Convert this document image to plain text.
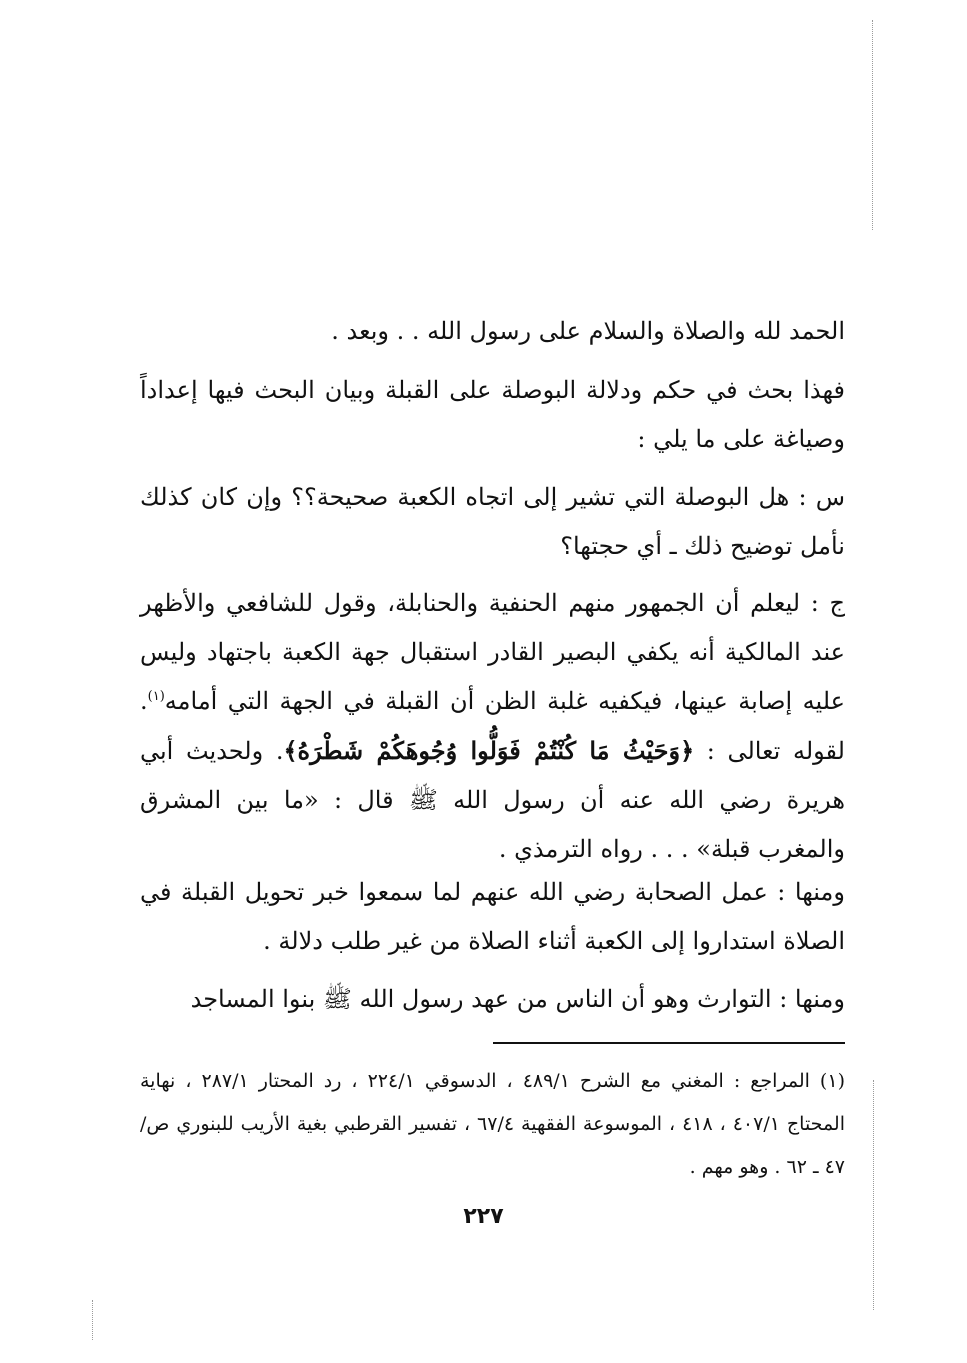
الحمد لله والصلاة والسلام على رسول الله . . وبعد .

فهذا بحث في حكم ودلالة البوصلة على القبلة وبيان البحث فيها إعداداً وصياغة على ما يلي :

س : هل البوصلة التي تشير إلى اتجاه الكعبة صحيحة؟؟ وإن كان كذلك نأمل توضيح ذلك ـ أي حجتها؟

ج : ليعلم أن الجمهور منهم الحنفية والحنابلة، وقول للشافعي والأظهر عند المالكية أنه يكفي البصير القادر استقبال جهة الكعبة باجتهاد وليس عليه إصابة عينها، فيكفيه غلبة الظن أن القبلة في الجهة التي أمامه$^{(١)}$. لقوله تعالى : ﴿وَحَيْثُ مَا كُنْتُمْ فَوَلُّوا وُجُوهَكُمْ شَطْرَهُ﴾. ولحديث أبي هريرة رضي الله عنه أن رسول الله ﷺ قال : «ما بين المشرق والمغرب قبلة» . . . رواه الترمذي .

ومنها : عمل الصحابة رضي الله عنهم لما سمعوا خبر تحويل القبلة في الصلاة استداروا إلى الكعبة أثناء الصلاة من غير طلب دلالة .

ومنها : التوارث وهو أن الناس من عهد رسول الله ﷺ بنوا المساجد

(١) المراجع : المغني مع الشرح ٤٨٩/١ ، الدسوقي ٢٢٤/١ ، رد المحتار ٢٨٧/١ ، نهاية المحتاج ٤٠٧/١ ، ٤١٨ ، الموسوعة الفقهية ٦٧/٤ ، تفسير القرطبي بغية الأريب للبنوري ص/٤٧ ـ ٦٢ . وهو مهم .

٢٢٧
